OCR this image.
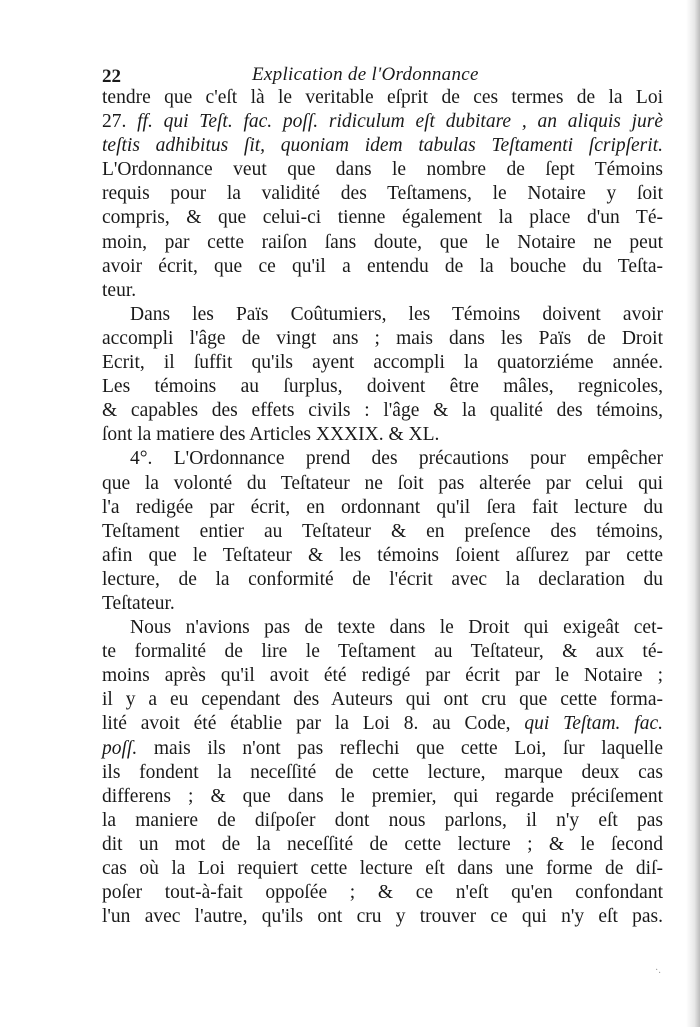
22	Explication de l'Ordonnance
tendre que c'eſt là le veritable eſprit de ces termes de la Loi
27. ff. qui Teſt. fac. poſſ. ridiculum eſt dubitare , an aliquis jurè
teſtis adhibitus ſit, quoniam idem tabulas Teſtamenti ſcripſerit.
L'Ordonnance veut que dans le nombre de ſept Témoins
requis pour la validité des Teſtamens, le Notaire y ſoit
compris, & que celui-ci tienne également la place d'un Té-
moin, par cette raiſon ſans doute, que le Notaire ne peut
avoir écrit, que ce qu'il a entendu de la bouche du Teſta-
teur.
Dans les Païs Coûtumiers, les Témoins doivent avoir
accompli l'âge de vingt ans ; mais dans les Païs de Droit
Ecrit, il ſuffit qu'ils ayent accompli la quatorziéme année.
Les témoins au ſurplus, doivent être mâles, regnicoles,
& capables des effets civils : l'âge & la qualité des témoins,
ſont la matiere des Articles XXXIX. & XL.
4°. L'Ordonnance prend des précautions pour empêcher
que la volonté du Teſtateur ne ſoit pas alterée par celui qui
l'a redigée par écrit, en ordonnant qu'il ſera fait lecture du
Teſtament entier au Teſtateur & en preſence des témoins,
afin que le Teſtateur & les témoins ſoient aſſurez par cette
lecture, de la conformité de l'écrit avec la declaration du
Teſtateur.
Nous n'avions pas de texte dans le Droit qui exigeât cet-
te formalité de lire le Teſtament au Teſtateur, & aux té-
moins après qu'il avoit été redigé par écrit par le Notaire ;
il y a eu cependant des Auteurs qui ont cru que cette forma-
lité avoit été établie par la Loi 8. au Code, qui Teſtam. fac.
poſſ. mais ils n'ont pas reflechi que cette Loi, ſur laquelle
ils fondent la neceſſité de cette lecture, marque deux cas
differens ; & que dans le premier, qui regarde préciſement
la maniere de diſpoſer dont nous parlons, il n'y eſt pas
dit un mot de la neceſſité de cette lecture ; & le ſecond
cas où la Loi requiert cette lecture eſt dans une forme de diſ-
poſer tout-à-fait oppoſée ; & ce n'eſt qu'en confondant
l'un avec l'autre, qu'ils ont cru y trouver ce qui n'y eſt pas.
·.
